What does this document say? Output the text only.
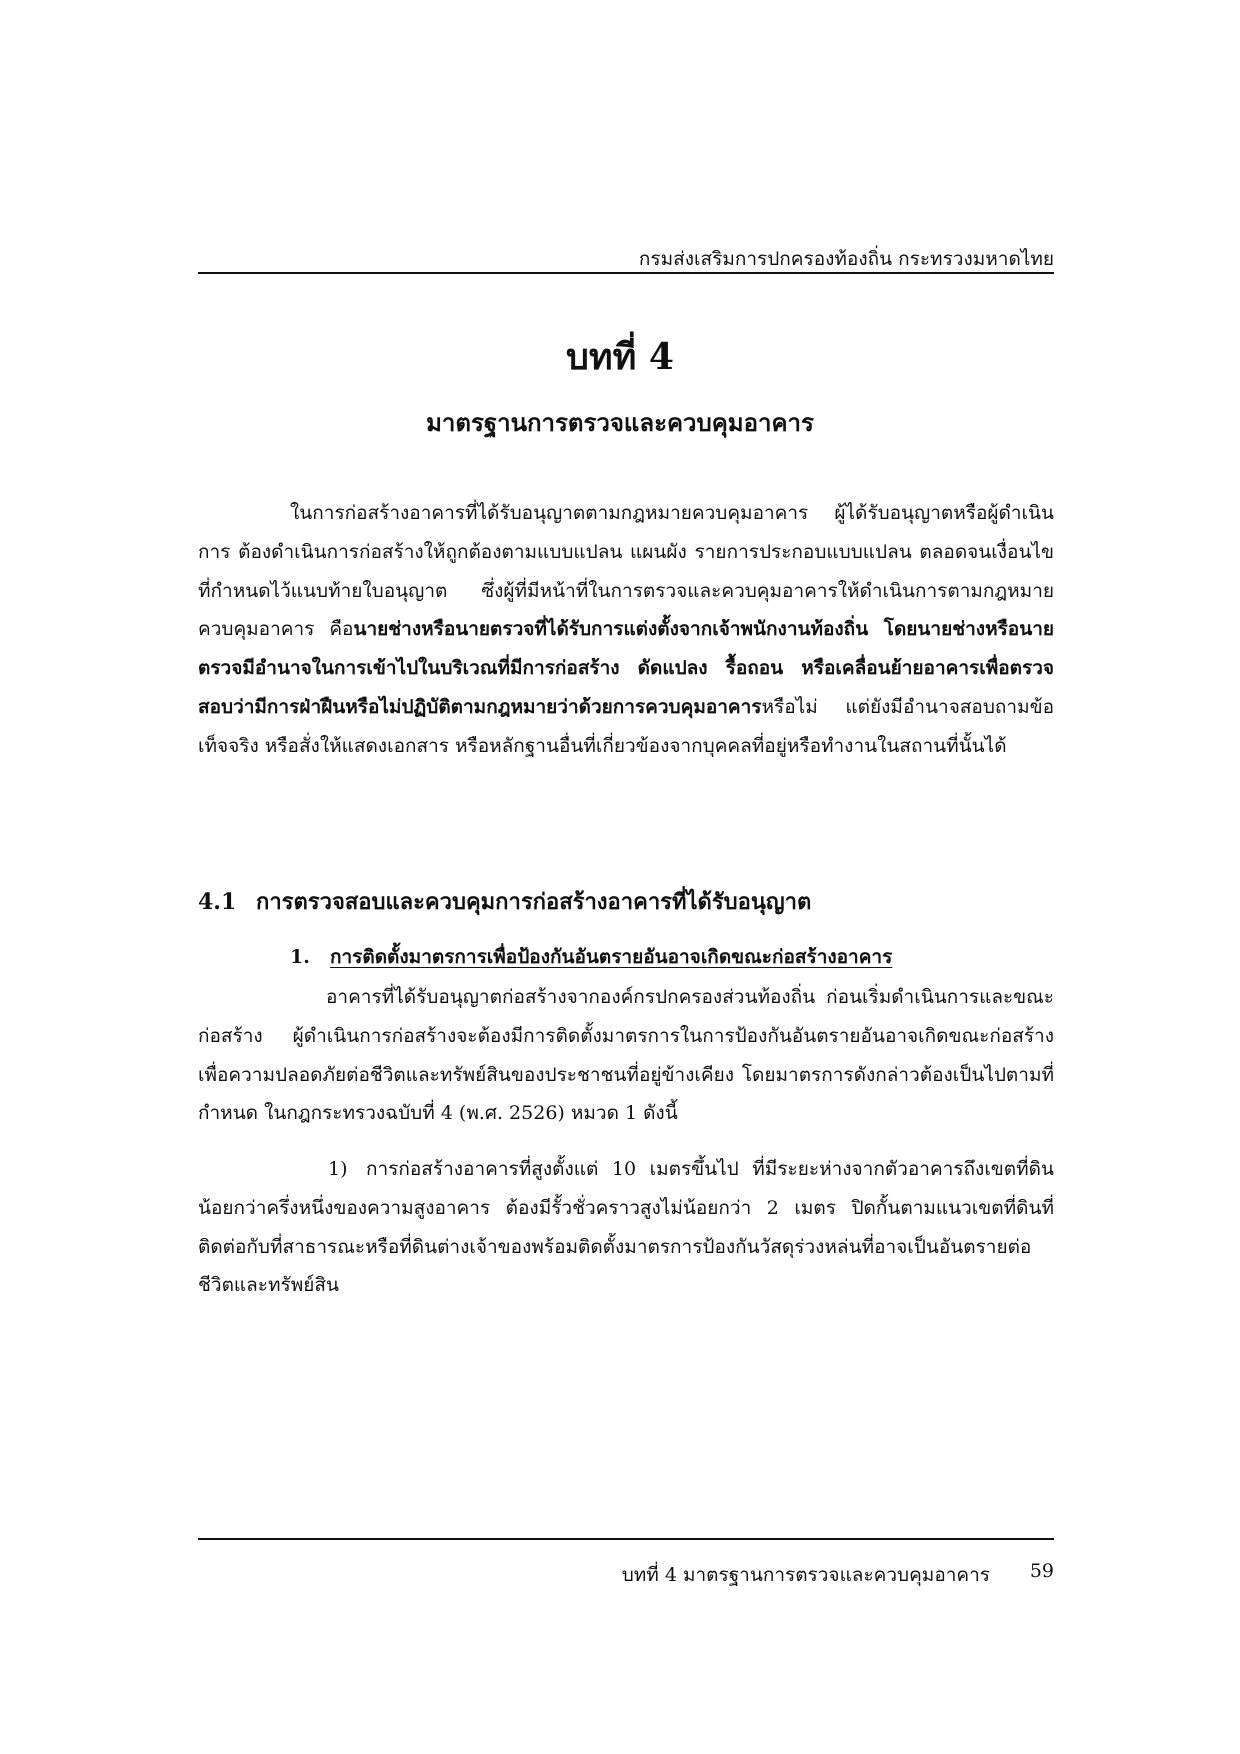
กรมส่งเสริมการปกครองท้องถิ่น กระทรวงมหาดไทย
บทที่ 4
มาตรฐานการตรวจและควบคุมอาคาร

ในการก่อสร้างอาคารที่ได้รับอนุญาตตามกฎหมายควบคุมอาคาร ผู้ได้รับอนุญาตหรือผู้ดำเนินการ ต้องดำเนินการก่อสร้างให้ถูกต้องตามแบบแปลน แผนผัง รายการประกอบแบบแปลน ตลอดจนเงื่อนไขที่กำหนดไว้แนบท้ายใบอนุญาต ซึ่งผู้ที่มีหน้าที่ในการตรวจและควบคุมอาคารให้ดำเนินการตามกฎหมายควบคุมอาคาร คือนายช่างหรือนายตรวจที่ได้รับการแต่งตั้งจากเจ้าพนักงานท้องถิ่น โดยนายช่างหรือนายตรวจมีอำนาจในการเข้าไปในบริเวณที่มีการก่อสร้าง ดัดแปลง รื้อถอน หรือเคลื่อนย้ายอาคารเพื่อตรวจสอบว่ามีการฝ่าฝืนหรือไม่ปฏิบัติตามกฎหมายว่าด้วยการควบคุมอาคารหรือไม่ แต่ยังมีอำนาจสอบถามข้อเท็จจริง หรือสั่งให้แสดงเอกสาร หรือหลักฐานอื่นที่เกี่ยวข้องจากบุคคลที่อยู่หรือทำงานในสถานที่นั้นได้

4.1 การตรวจสอบและควบคุมการก่อสร้างอาคารที่ได้รับอนุญาต
1. การติดตั้งมาตรการเพื่อป้องกันอันตรายอันอาจเกิดขณะก่อสร้างอาคาร

อาคารที่ได้รับอนุญาตก่อสร้างจากองค์กรปกครองส่วนท้องถิ่น ก่อนเริ่มดำเนินการและขณะก่อสร้าง ผู้ดำเนินการก่อสร้างจะต้องมีการติดตั้งมาตรการในการป้องกันอันตรายอันอาจเกิดขณะก่อสร้าง เพื่อความปลอดภัยต่อชีวิตและทรัพย์สินของประชาชนที่อยู่ข้างเคียง โดยมาตรการดังกล่าวต้องเป็นไปตามที่กำหนด ในกฎกระทรวงฉบับที่ 4 (พ.ศ. 2526) หมวด 1 ดังนี้

1) การก่อสร้างอาคารที่สูงตั้งแต่ 10 เมตรขึ้นไป ที่มีระยะห่างจากตัวอาคารถึงเขตที่ดินน้อยกว่าครึ่งหนึ่งของความสูงอาคาร ต้องมีรั้วชั่วคราวสูงไม่น้อยกว่า 2 เมตร ปิดกั้นตามแนวเขตที่ดินที่ติดต่อกับที่สาธารณะหรือที่ดินต่างเจ้าของพร้อมติดตั้งมาตรการป้องกันวัสดุร่วงหล่นที่อาจเป็นอันตรายต่อชีวิตและทรัพย์สิน

บทที่ 4 มาตรฐานการตรวจและควบคุมอาคาร 59
